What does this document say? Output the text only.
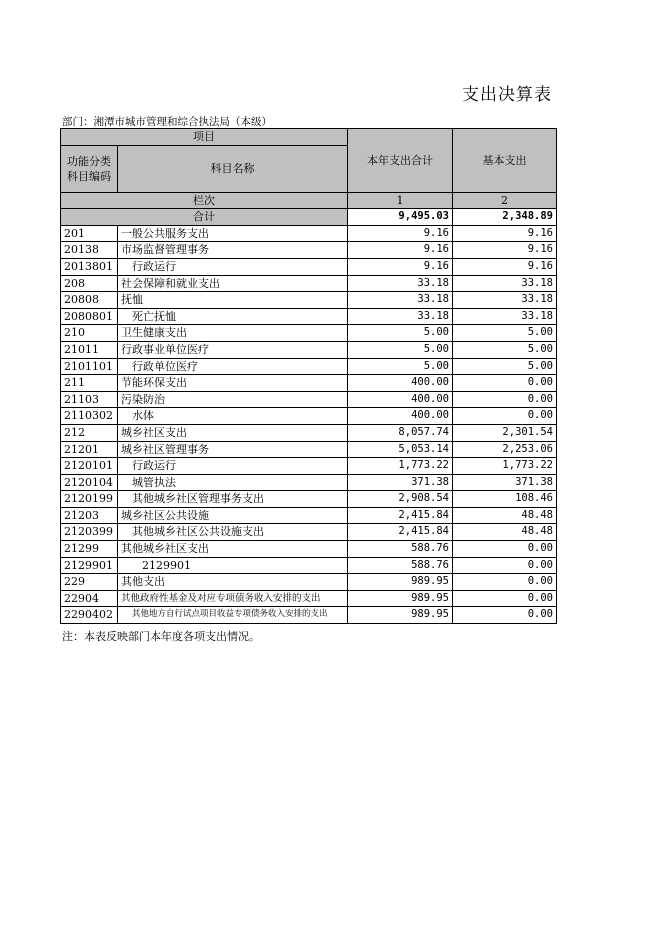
支出决算表
部门：湘潭市城市管理和综合执法局（本级）
项目		本年支出合计	基本支出
功能分类科目编码	科目名称		
栏次		1	2
合计		9,495.03	2,348.89
201	一般公共服务支出	9.16	9.16
20138	市场监督管理事务	9.16	9.16
2013801	行政运行	9.16	9.16
208	社会保障和就业支出	33.18	33.18
20808	抚恤	33.18	33.18
2080801	死亡抚恤	33.18	33.18
210	卫生健康支出	5.00	5.00
21011	行政事业单位医疗	5.00	5.00
2101101	行政单位医疗	5.00	5.00
211	节能环保支出	400.00	0.00
21103	污染防治	400.00	0.00
2110302	水体	400.00	0.00
212	城乡社区支出	8,057.74	2,301.54
21201	城乡社区管理事务	5,053.14	2,253.06
2120101	行政运行	1,773.22	1,773.22
2120104	城管执法	371.38	371.38
2120199	其他城乡社区管理事务支出	2,908.54	108.46
21203	城乡社区公共设施	2,415.84	48.48
2120399	其他城乡社区公共设施支出	2,415.84	48.48
21299	其他城乡社区支出	588.76	0.00
2129901	2129901	588.76	0.00
229	其他支出	989.95	0.00
22904	其他政府性基金及对应专项债务收入安排的支出	989.95	0.00
2290402	其他地方自行试点项目收益专项债务收入安排的支出	989.95	0.00
注：本表反映部门本年度各项支出情况。
